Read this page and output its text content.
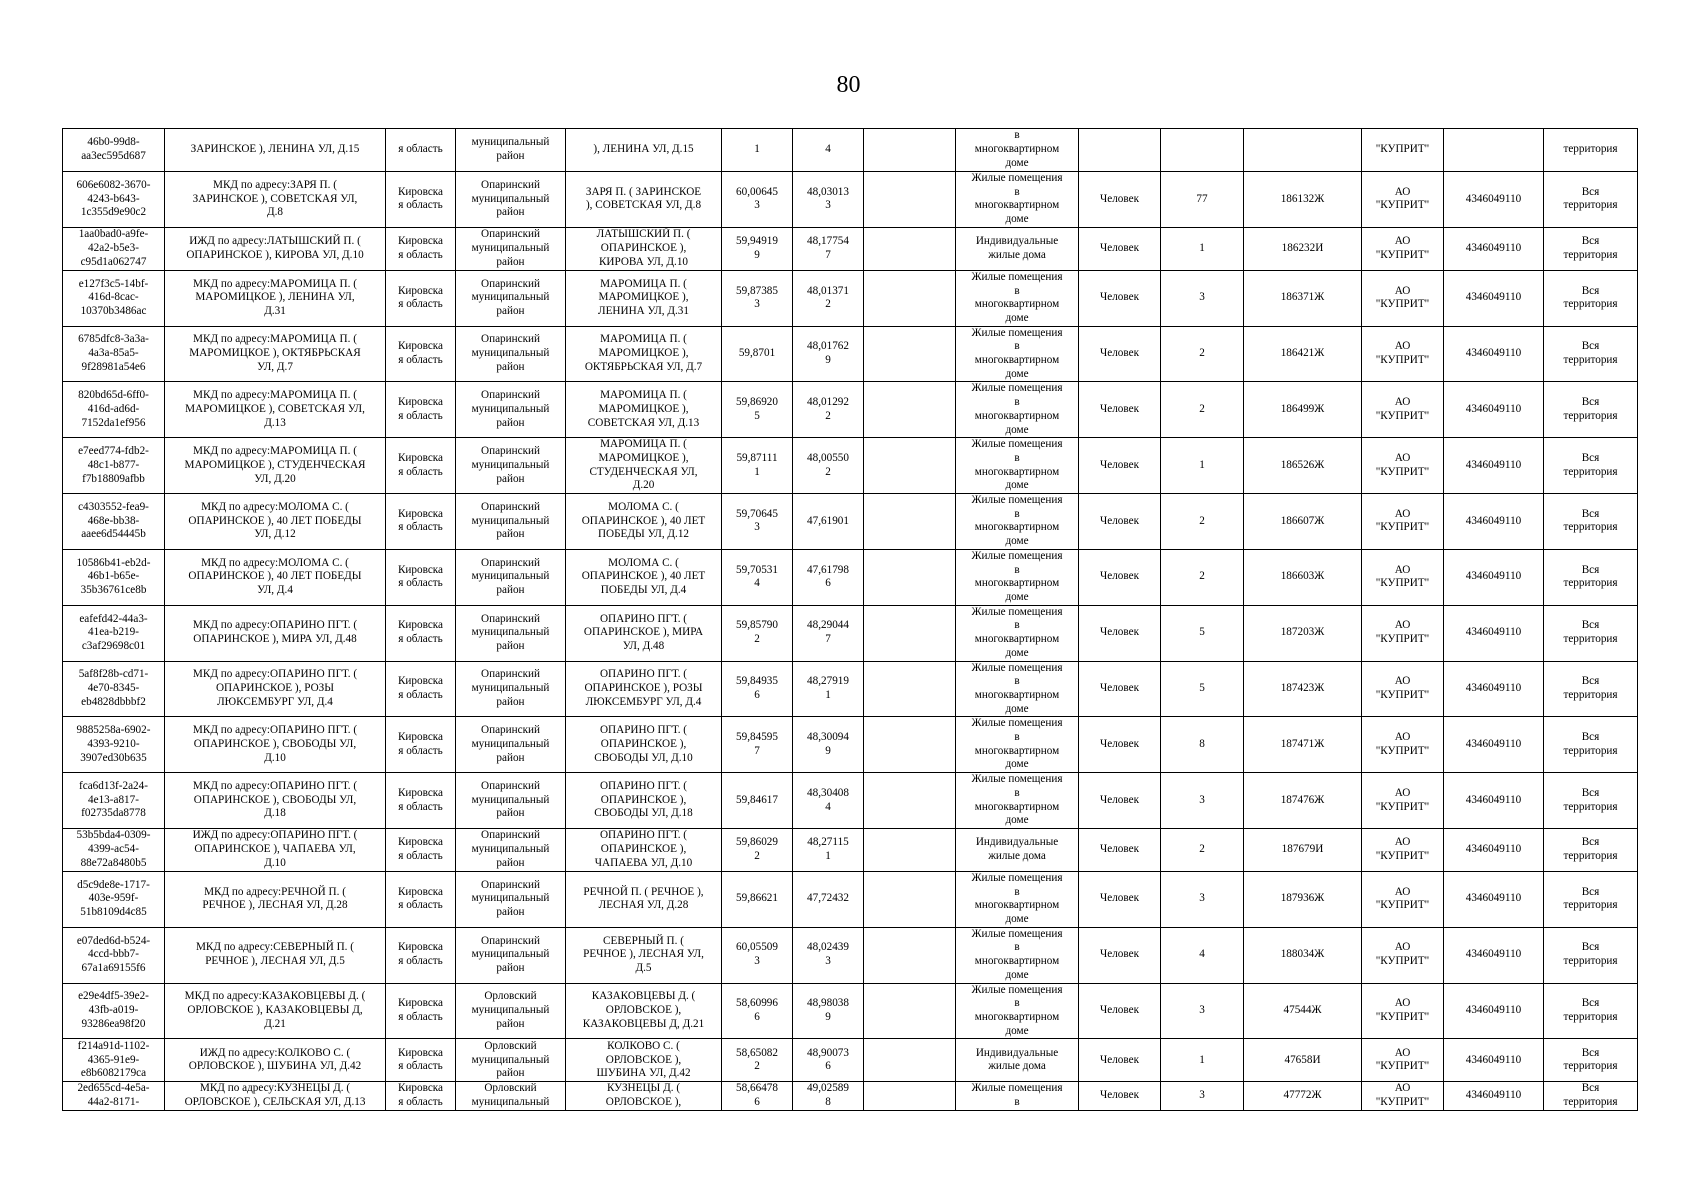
80
46b0-99d8-
aa3ec595d687	ЗАРИНСКОЕ ), ЛЕНИНА УЛ, Д.15	я область	муниципальный
район	), ЛЕНИНА УЛ, Д.15	1	4		в
многоквартирном
доме				"КУПРИТ"		территория
606e6082-3670-
4243-b643-
1c355d9e90c2	МКД по адресу:ЗАРЯ П. (
ЗАРИНСКОЕ ), СОВЕТСКАЯ УЛ,
Д.8	Кировска
я область	Опаринский
муниципальный
район	ЗАРЯ П. ( ЗАРИНСКОЕ
), СОВЕТСКАЯ УЛ, Д.8	60,00645
3	48,03013
3		Жилые помещения
в
многоквартирном
доме	Человек	77	186132Ж	АО
"КУПРИТ"	4346049110	Вся
территория
1aa0bad0-a9fe-
42a2-b5e3-
c95d1a062747	ИЖД по адресу:ЛАТЫШСКИЙ П. (
ОПАРИНСКОЕ ), КИРОВА УЛ, Д.10	Кировска
я область	Опаринский
муниципальный
район	ЛАТЫШСКИЙ П. (
ОПАРИНСКОЕ ),
КИРОВА УЛ, Д.10	59,94919
9	48,17754
7		Индивидуальные
жилые дома	Человек	1	186232И	АО
"КУПРИТ"	4346049110	Вся
территория
e127f3c5-14bf-
416d-8cac-
10370b3486ac	МКД по адресу:МАРОМИЦА П. (
МАРОМИЦКОЕ ), ЛЕНИНА УЛ,
Д.31	Кировска
я область	Опаринский
муниципальный
район	МАРОМИЦА П. (
МАРОМИЦКОЕ ),
ЛЕНИНА УЛ, Д.31	59,87385
3	48,01371
2		Жилые помещения
в
многоквартирном
доме	Человек	3	186371Ж	АО
"КУПРИТ"	4346049110	Вся
территория
6785dfc8-3a3a-
4a3a-85a5-
9f28981a54e6	МКД по адресу:МАРОМИЦА П. (
МАРОМИЦКОЕ ), ОКТЯБРЬСКАЯ
УЛ, Д.7	Кировска
я область	Опаринский
муниципальный
район	МАРОМИЦА П. (
МАРОМИЦКОЕ ),
ОКТЯБРЬСКАЯ УЛ, Д.7	59,8701	48,01762
9		Жилые помещения
в
многоквартирном
доме	Человек	2	186421Ж	АО
"КУПРИТ"	4346049110	Вся
территория
820bd65d-6ff0-
416d-ad6d-
7152da1ef956	МКД по адресу:МАРОМИЦА П. (
МАРОМИЦКОЕ ), СОВЕТСКАЯ УЛ,
Д.13	Кировска
я область	Опаринский
муниципальный
район	МАРОМИЦА П. (
МАРОМИЦКОЕ ),
СОВЕТСКАЯ УЛ, Д.13	59,86920
5	48,01292
2		Жилые помещения
в
многоквартирном
доме	Человек	2	186499Ж	АО
"КУПРИТ"	4346049110	Вся
территория
e7eed774-fdb2-
48c1-b877-
f7b18809afbb	МКД по адресу:МАРОМИЦА П. (
МАРОМИЦКОЕ ), СТУДЕНЧЕСКАЯ
УЛ, Д.20	Кировска
я область	Опаринский
муниципальный
район	МАРОМИЦА П. (
МАРОМИЦКОЕ ),
СТУДЕНЧЕСКАЯ УЛ,
Д.20	59,87111
1	48,00550
2		Жилые помещения
в
многоквартирном
доме	Человек	1	186526Ж	АО
"КУПРИТ"	4346049110	Вся
территория
c4303552-fea9-
468e-bb38-
aaee6d54445b	МКД по адресу:МОЛОМА С. (
ОПАРИНСКОЕ ), 40 ЛЕТ ПОБЕДЫ
УЛ, Д.12	Кировска
я область	Опаринский
муниципальный
район	МОЛОМА С. (
ОПАРИНСКОЕ ), 40 ЛЕТ
ПОБЕДЫ УЛ, Д.12	59,70645
3	47,61901		Жилые помещения
в
многоквартирном
доме	Человек	2	186607Ж	АО
"КУПРИТ"	4346049110	Вся
территория
10586b41-eb2d-
46b1-b65e-
35b36761ce8b	МКД по адресу:МОЛОМА С. (
ОПАРИНСКОЕ ), 40 ЛЕТ ПОБЕДЫ
УЛ, Д.4	Кировска
я область	Опаринский
муниципальный
район	МОЛОМА С. (
ОПАРИНСКОЕ ), 40 ЛЕТ
ПОБЕДЫ УЛ, Д.4	59,70531
4	47,61798
6		Жилые помещения
в
многоквартирном
доме	Человек	2	186603Ж	АО
"КУПРИТ"	4346049110	Вся
территория
eafefd42-44a3-
41ea-b219-
c3af29698c01	МКД по адресу:ОПАРИНО ПГТ. (
ОПАРИНСКОЕ ), МИРА УЛ, Д.48	Кировска
я область	Опаринский
муниципальный
район	ОПАРИНО ПГТ. (
ОПАРИНСКОЕ ), МИРА
УЛ, Д.48	59,85790
2	48,29044
7		Жилые помещения
в
многоквартирном
доме	Человек	5	187203Ж	АО
"КУПРИТ"	4346049110	Вся
территория
5af8f28b-cd71-
4e70-8345-
eb4828dbbbf2	МКД по адресу:ОПАРИНО ПГТ. (
ОПАРИНСКОЕ ), РОЗЫ
ЛЮКСЕМБУРГ УЛ, Д.4	Кировска
я область	Опаринский
муниципальный
район	ОПАРИНО ПГТ. (
ОПАРИНСКОЕ ), РОЗЫ
ЛЮКСЕМБУРГ УЛ, Д.4	59,84935
6	48,27919
1		Жилые помещения
в
многоквартирном
доме	Человек	5	187423Ж	АО
"КУПРИТ"	4346049110	Вся
территория
9885258a-6902-
4393-9210-
3907ed30b635	МКД по адресу:ОПАРИНО ПГТ. (
ОПАРИНСКОЕ ), СВОБОДЫ УЛ,
Д.10	Кировска
я область	Опаринский
муниципальный
район	ОПАРИНО ПГТ. (
ОПАРИНСКОЕ ),
СВОБОДЫ УЛ, Д.10	59,84595
7	48,30094
9		Жилые помещения
в
многоквартирном
доме	Человек	8	187471Ж	АО
"КУПРИТ"	4346049110	Вся
территория
fca6d13f-2a24-
4e13-a817-
f02735da8778	МКД по адресу:ОПАРИНО ПГТ. (
ОПАРИНСКОЕ ), СВОБОДЫ УЛ,
Д.18	Кировска
я область	Опаринский
муниципальный
район	ОПАРИНО ПГТ. (
ОПАРИНСКОЕ ),
СВОБОДЫ УЛ, Д.18	59,84617	48,30408
4		Жилые помещения
в
многоквартирном
доме	Человек	3	187476Ж	АО
"КУПРИТ"	4346049110	Вся
территория
53b5bda4-0309-
4399-ac54-
88e72a8480b5	ИЖД по адресу:ОПАРИНО ПГТ. (
ОПАРИНСКОЕ ), ЧАПАЕВА УЛ,
Д.10	Кировска
я область	Опаринский
муниципальный
район	ОПАРИНО ПГТ. (
ОПАРИНСКОЕ ),
ЧАПАЕВА УЛ, Д.10	59,86029
2	48,27115
1		Индивидуальные
жилые дома	Человек	2	187679И	АО
"КУПРИТ"	4346049110	Вся
территория
d5c9de8e-1717-
403e-959f-
51b8109d4c85	МКД по адресу:РЕЧНОЙ П. (
РЕЧНОЕ ), ЛЕСНАЯ УЛ, Д.28	Кировска
я область	Опаринский
муниципальный
район	РЕЧНОЙ П. ( РЕЧНОЕ ),
ЛЕСНАЯ УЛ, Д.28	59,86621	47,72432		Жилые помещения
в
многоквартирном
доме	Человек	3	187936Ж	АО
"КУПРИТ"	4346049110	Вся
территория
e07ded6d-b524-
4ccd-bbb7-
67a1a69155f6	МКД по адресу:СЕВЕРНЫЙ П. (
РЕЧНОЕ ), ЛЕСНАЯ УЛ, Д.5	Кировска
я область	Опаринский
муниципальный
район	СЕВЕРНЫЙ П. (
РЕЧНОЕ ), ЛЕСНАЯ УЛ,
Д.5	60,05509
3	48,02439
3		Жилые помещения
в
многоквартирном
доме	Человек	4	188034Ж	АО
"КУПРИТ"	4346049110	Вся
территория
e29e4df5-39e2-
43fb-a019-
93286ea98f20	МКД по адресу:КАЗАКОВЦЕВЫ Д. (
ОРЛОВСКОЕ ), КАЗАКОВЦЕВЫ Д,
Д.21	Кировска
я область	Орловский
муниципальный
район	КАЗАКОВЦЕВЫ Д. (
ОРЛОВСКОЕ ),
КАЗАКОВЦЕВЫ Д, Д.21	58,60996
6	48,98038
9		Жилые помещения
в
многоквартирном
доме	Человек	3	47544Ж	АО
"КУПРИТ"	4346049110	Вся
территория
f214a91d-1102-
4365-91e9-
e8b6082179ca	ИЖД по адресу:КОЛКОВО С. (
ОРЛОВСКОЕ ), ШУБИНА УЛ, Д.42	Кировска
я область	Орловский
муниципальный
район	КОЛКОВО С. (
ОРЛОВСКОЕ ),
ШУБИНА УЛ, Д.42	58,65082
2	48,90073
6		Индивидуальные
жилые дома	Человек	1	47658И	АО
"КУПРИТ"	4346049110	Вся
территория
2ed655cd-4e5a-
44a2-8171-	МКД по адресу:КУЗНЕЦЫ Д. (
ОРЛОВСКОЕ ), СЕЛЬСКАЯ УЛ, Д.13	Кировска
я область	Орловский
муниципальный	КУЗНЕЦЫ Д. (
ОРЛОВСКОЕ ),	58,66478
6	49,02589
8		Жилые помещения
в	Человек	3	47772Ж	АО
"КУПРИТ"	4346049110	Вся
территория
